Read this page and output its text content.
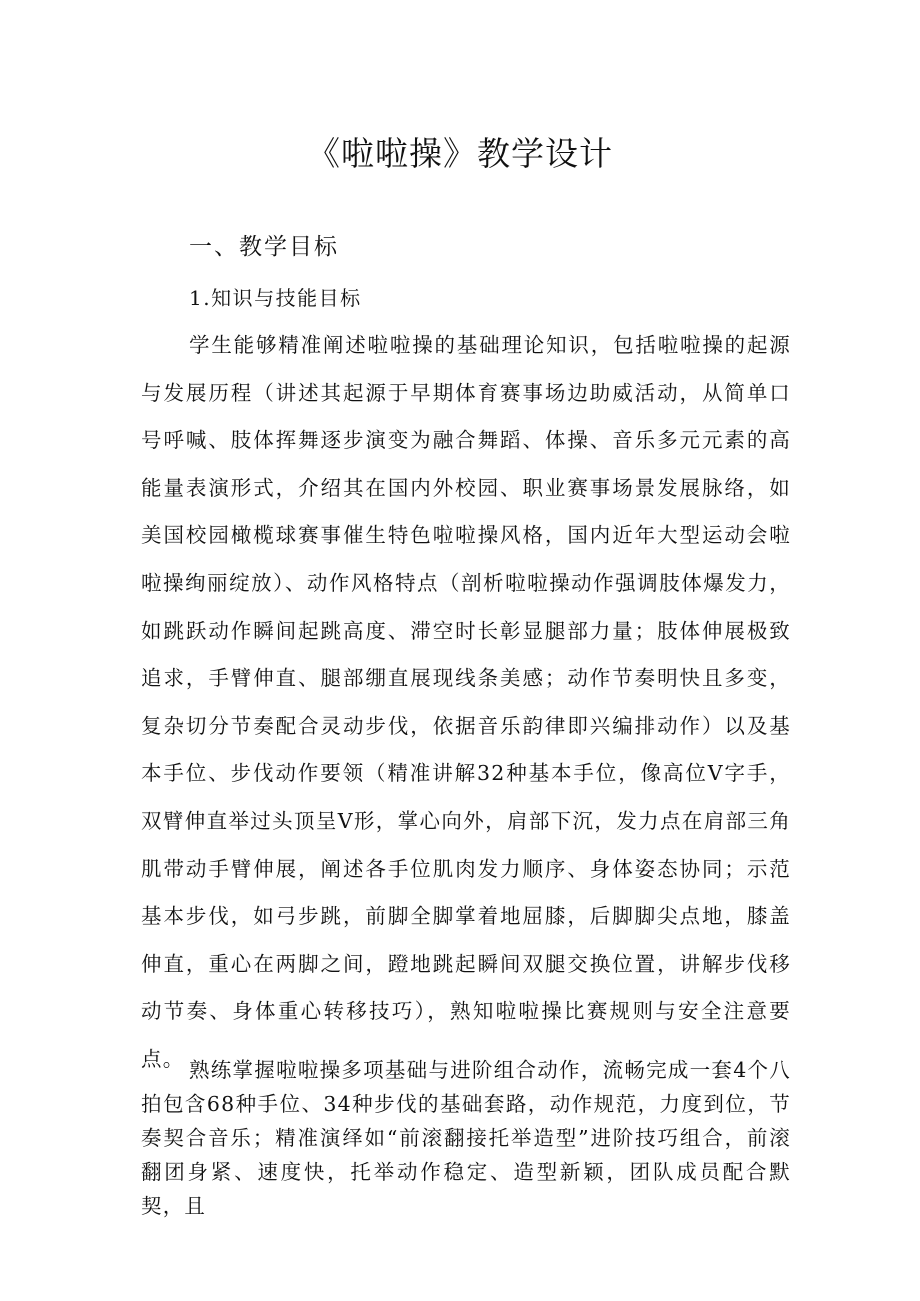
《啦啦操》教学设计
一、教学目标
1.知识与技能目标

学生能够精准阐述啦啦操的基础理论知识，包括啦啦操的起源与发展历程（讲述其起源于早期体育赛事场边助威活动，从简单口号呼喊、肢体挥舞逐步演变为融合舞蹈、体操、音乐多元元素的高能量表演形式，介绍其在国内外校园、职业赛事场景发展脉络，如美国校园橄榄球赛事催生特色啦啦操风格，国内近年大型运动会啦啦操绚丽绽放）、动作风格特点（剖析啦啦操动作强调肢体爆发力，如跳跃动作瞬间起跳高度、滞空时长彰显腿部力量；肢体伸展极致追求，手臂伸直、腿部绷直展现线条美感；动作节奏明快且多变，复杂切分节奏配合灵动步伐，依据音乐韵律即兴编排动作）以及基本手位、步伐动作要领（精准讲解32种基本手位，像高位V字手，双臂伸直举过头顶呈V形，掌心向外，肩部下沉，发力点在肩部三角肌带动手臂伸展，阐述各手位肌肉发力顺序、身体姿态协同；示范基本步伐，如弓步跳，前脚全脚掌着地屈膝，后脚脚尖点地，膝盖伸直，重心在两脚之间，蹬地跳起瞬间双腿交换位置，讲解步伐移动节奏、身体重心转移技巧），熟知啦啦操比赛规则与安全注意要点。 熟练掌握啦啦操多项基础与进阶组合动作，流畅完成一套4个八拍包含68种手位、34种步伐的基础套路，动作规范，力度到位，节奏契合音乐；精准演绎如“前滚翻接托举造型”进阶技巧组合，前滚翻团身紧、速度快，托举动作稳定、造型新颖，团队成员配合默契，且
